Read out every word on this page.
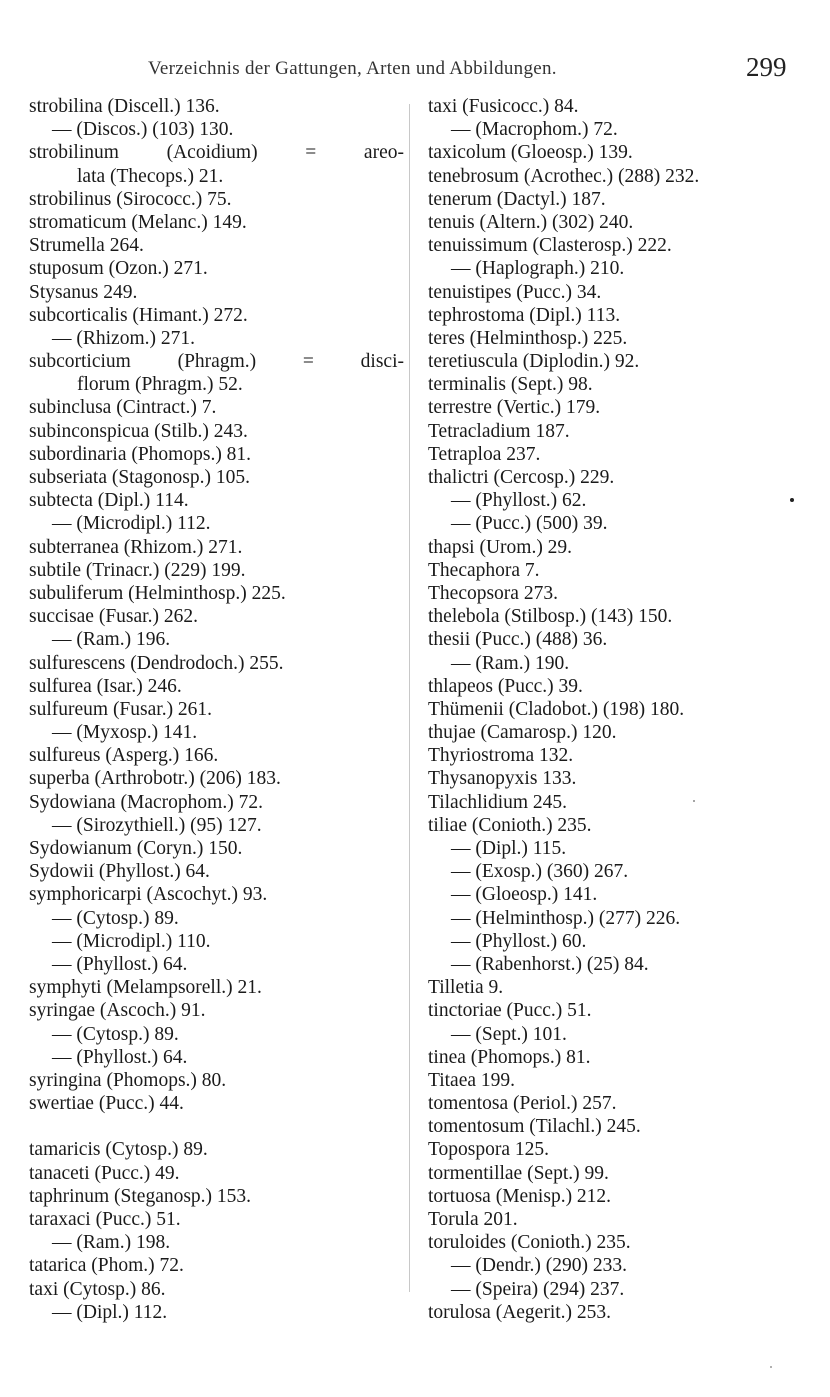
Verzeichnis der Gattungen, Arten und Abbildungen.	299
strobilina (Discell.) 136.
— (Discos.) (103) 130.
strobilinum (Acoidium) = areo-
lata (Thecops.) 21.
strobilinus (Sirococc.) 75.
stromaticum (Melanc.) 149.
Strumella 264.
stuposum (Ozon.) 271.
Stysanus 249.
subcorticalis (Himant.) 272.
— (Rhizom.) 271.
subcorticium (Phragm.) = disci-
florum (Phragm.) 52.
subinclusa (Cintract.) 7.
subinconspicua (Stilb.) 243.
subordinaria (Phomops.) 81.
subseriata (Stagonosp.) 105.
subtecta (Dipl.) 114.
— (Microdipl.) 112.
subterranea (Rhizom.) 271.
subtile (Trinacr.) (229) 199.
subuliferum (Helminthosp.) 225.
succisae (Fusar.) 262.
— (Ram.) 196.
sulfurescens (Dendrodoch.) 255.
sulfurea (Isar.) 246.
sulfureum (Fusar.) 261.
— (Myxosp.) 141.
sulfureus (Asperg.) 166.
superba (Arthrobotr.) (206) 183.
Sydowiana (Macrophom.) 72.
— (Sirozythiell.) (95) 127.
Sydowianum (Coryn.) 150.
Sydowii (Phyllost.) 64.
symphoricarpi (Ascochyt.) 93.
— (Cytosp.) 89.
— (Microdipl.) 110.
— (Phyllost.) 64.
symphyti (Melampsorell.) 21.
syringae (Ascoch.) 91.
— (Cytosp.) 89.
— (Phyllost.) 64.
syringina (Phomops.) 80.
swertiae (Pucc.) 44.
tamaricis (Cytosp.) 89.
tanaceti (Pucc.) 49.
taphrinum (Steganosp.) 153.
taraxaci (Pucc.) 51.
— (Ram.) 198.
tatarica (Phom.) 72.
taxi (Cytosp.) 86.
— (Dipl.) 112.
taxi (Fusicocc.) 84.
— (Macrophom.) 72.
taxicolum (Gloeosp.) 139.
tenebrosum (Acrothec.) (288) 232.
tenerum (Dactyl.) 187.
tenuis (Altern.) (302) 240.
tenuissimum (Clasterosp.) 222.
— (Haplograph.) 210.
tenuistipes (Pucc.) 34.
tephrostoma (Dipl.) 113.
teres (Helminthosp.) 225.
teretiuscula (Diplodin.) 92.
terminalis (Sept.) 98.
terrestre (Vertic.) 179.
Tetracladium 187.
Tetraploa 237.
thalictri (Cercosp.) 229.
— (Phyllost.) 62.
— (Pucc.) (500) 39.
thapsi (Urom.) 29.
Thecaphora 7.
Thecopsora 273.
thelebola (Stilbosp.) (143) 150.
thesii (Pucc.) (488) 36.
— (Ram.) 190.
thlapeos (Pucc.) 39.
Thümenii (Cladobot.) (198) 180.
thujae (Camarosp.) 120.
Thyriostroma 132.
Thysanopyxis 133.
Tilachlidium 245.
tiliae (Conioth.) 235.
— (Dipl.) 115.
— (Exosp.) (360) 267.
— (Gloeosp.) 141.
— (Helminthosp.) (277) 226.
— (Phyllost.) 60.
— (Rabenhorst.) (25) 84.
Tilletia 9.
tinctoriae (Pucc.) 51.
— (Sept.) 101.
tinea (Phomops.) 81.
Titaea 199.
tomentosa (Periol.) 257.
tomentosum (Tilachl.) 245.
Topospora 125.
tormentillae (Sept.) 99.
tortuosa (Menisp.) 212.
Torula 201.
toruloides (Conioth.) 235.
— (Dendr.) (290) 233.
— (Speira) (294) 237.
torulosa (Aegerit.) 253.
